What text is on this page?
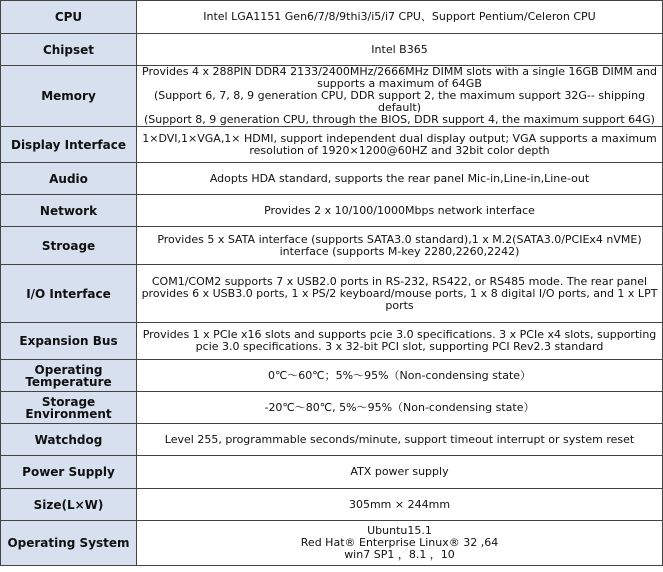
CPU	Intel LGA1151 Gen6/7/8/9thi3/i5/i7 CPU、Support Pentium/Celeron CPU

Chipset	Intel B365

Memory	Provides 4 x 288PIN DDR4 2133/2400MHz/2666MHz DIMM slots with a single 16GB DIMM and supports a maximum of 64GB
(Support 6, 7, 8, 9 generation CPU, DDR support 2, the maximum support 32G-- shipping default)
(Support 8, 9 generation CPU, through the BIOS, DDR support 4, the maximum support 64G)

Display Interface	1×DVI,1×VGA,1× HDMI, support independent dual display output; VGA supports a maximum resolution of 1920×1200@60HZ and 32bit color depth

Audio	Adopts HDA standard, supports the rear panel Mic-in,Line-in,Line-out

Network	Provides 2 x 10/100/1000Mbps network interface

Stroage	Provides 5 x SATA interface (supports SATA3.0 standard),1 x M.2(SATA3.0/PCIEx4 nVME) interface (supports M-key 2280,2260,2242)

I/O Interface	COM1/COM2 supports 7 x USB2.0 ports in RS-232, RS422, or RS485 mode. The rear panel provides 6 x USB3.0 ports, 1 x PS/2 keyboard/mouse ports, 1 x 8 digital I/O ports, and 1 x LPT ports

Expansion Bus	Provides 1 x PCIe x16 slots and supports pcie 3.0 specifications. 3 x PCIe x4 slots, supporting pcie 3.0 specifications. 3 x 32-bit PCI slot, supporting PCI Rev2.3 standard

Operating Temperature	0℃～60℃；5%～95%（Non-condensing state）

Storage Environment	-20℃～80℃, 5%～95%（Non-condensing state）

Watchdog	Level 255, programmable seconds/minute, support timeout interrupt or system reset

Power Supply	ATX power supply

Size(L×W)	305mm × 244mm

Operating System	Ubuntu15.1
Red Hat® Enterprise Linux® 32 ,64
win7 SP1 ，8.1 ，10
